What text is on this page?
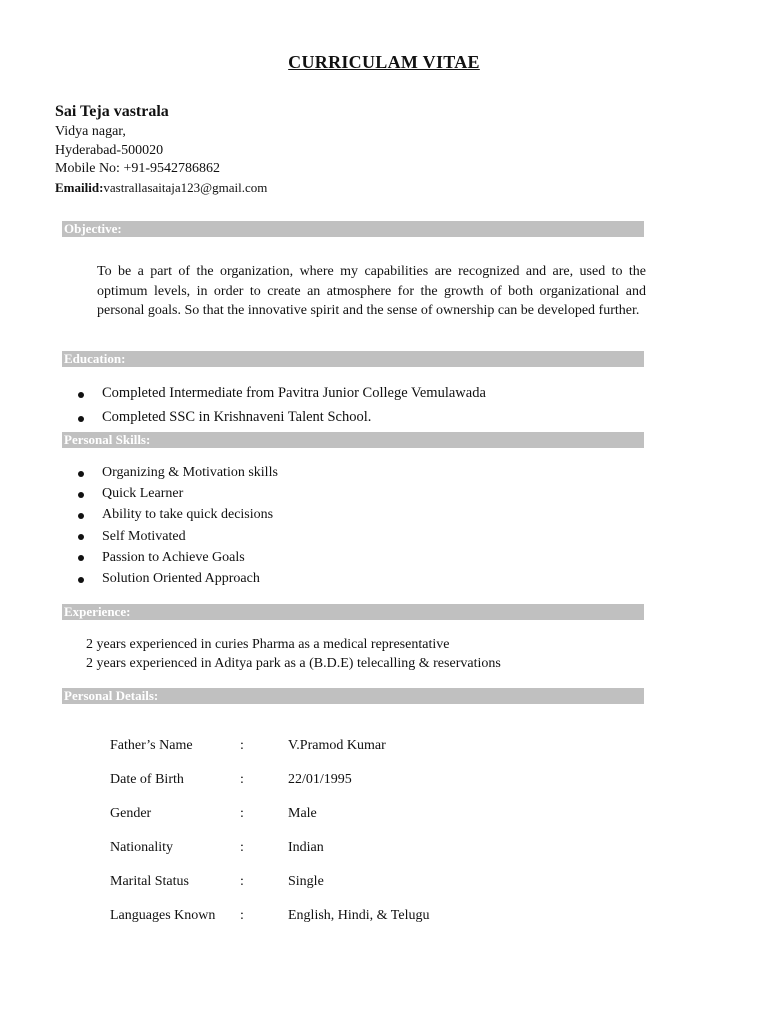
CURRICULAM VITAE
Sai Teja vastrala
Vidya nagar,
Hyderabad-500020
Mobile No: +91-9542786862
Emailid:vastrallasaitaja123@gmail.com
Objective:
To be a part of the organization, where my capabilities are recognized and are, used to the optimum levels, in order to create an atmosphere for the growth of both organizational and personal goals. So that the innovative spirit and the sense of ownership can be developed further.
Education:
Completed Intermediate from Pavitra Junior College Vemulawada
Completed SSC in Krishnaveni Talent School.
Personal Skills:
Organizing & Motivation skills
Quick Learner
Ability to take quick decisions
Self Motivated
Passion to Achieve Goals
Solution Oriented Approach
Experience:
2 years experienced in curies Pharma as a medical representative
2 years experienced in Aditya park as a (B.D.E) telecalling & reservations
Personal Details:
Father’s Name	:	V.Pramod Kumar
Date of Birth	:	22/01/1995
Gender	:	Male
Nationality	:	Indian
Marital Status	:	Single
Languages Known :	English, Hindi, & Telugu
